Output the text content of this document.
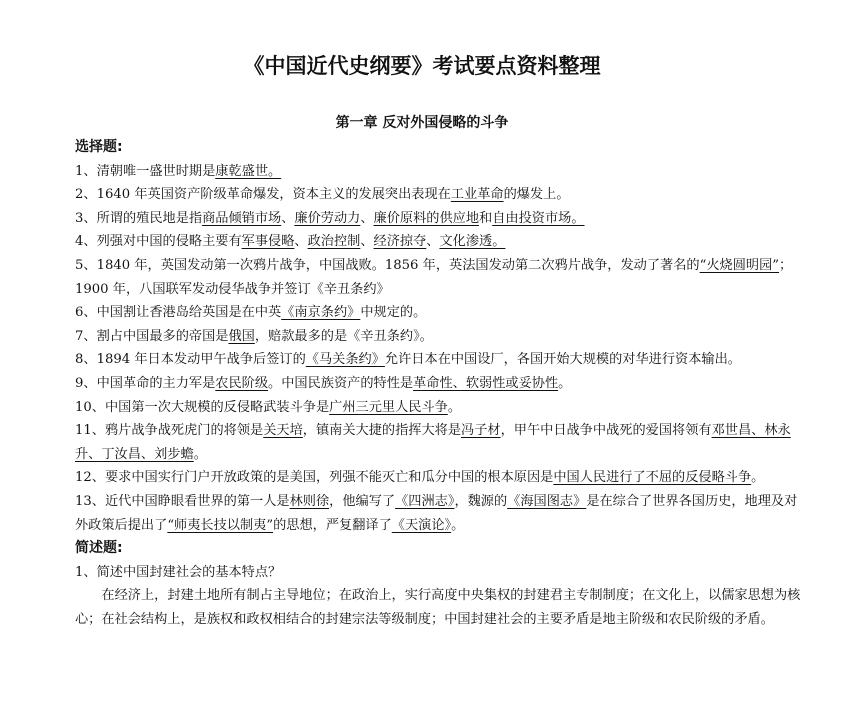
《中国近代史纲要》考试要点资料整理
第一章 反对外国侵略的斗争

选择题:

1、清朝唯一盛世时期是康乾盛世。

2、1640 年英国资产阶级革命爆发，资本主义的发展突出表现在工业革命的爆发上。

3、所谓的殖民地是指商品倾销市场、廉价劳动力、廉价原料的供应地和自由投资市场。

4、列强对中国的侵略主要有军事侵略、政治控制、经济掠夺、文化渗透。

5、1840 年，英国发动第一次鸦片战争，中国战败。1856 年，英法国发动第二次鸦片战争，发动了著名的“火烧圆明园”；1900 年，八国联军发动侵华战争并签订《辛丑条约》

6、中国割让香港岛给英国是在中英《南京条约》中规定的。

7、割占中国最多的帝国是俄国，赔款最多的是《辛丑条约》。

8、1894 年日本发动甲午战争后签订的《马关条约》允许日本在中国设厂，各国开始大规模的对华进行资本输出。

9、中国革命的主力军是农民阶级。中国民族资产的特性是革命性、软弱性或妥协性。

10、中国第一次大规模的反侵略武装斗争是广州三元里人民斗争。

11、鸦片战争战死虎门的将领是关天培，镇南关大捷的指挥大将是冯子材，甲午中日战争中战死的爱国将领有邓世昌、林永升、丁汝昌、刘步蟾。

12、要求中国实行门户开放政策的是美国，列强不能灭亡和瓜分中国的根本原因是中国人民进行了不屈的反侵略斗争。

13、近代中国睁眼看世界的第一人是林则徐，他编写了《四洲志》，魏源的《海国图志》是在综合了世界各国历史，地理及对外政策后提出了“师夷长技以制夷”的思想，严复翻译了《天演论》。

简述题:

1、简述中国封建社会的基本特点？

在经济上，封建土地所有制占主导地位；在政治上，实行高度中央集权的封建君主专制制度；在文化上，以儒家思想为核心；在社会结构上，是族权和政权相结合的封建宗法等级制度；中国封建社会的主要矛盾是地主阶级和农民阶级的矛盾。
